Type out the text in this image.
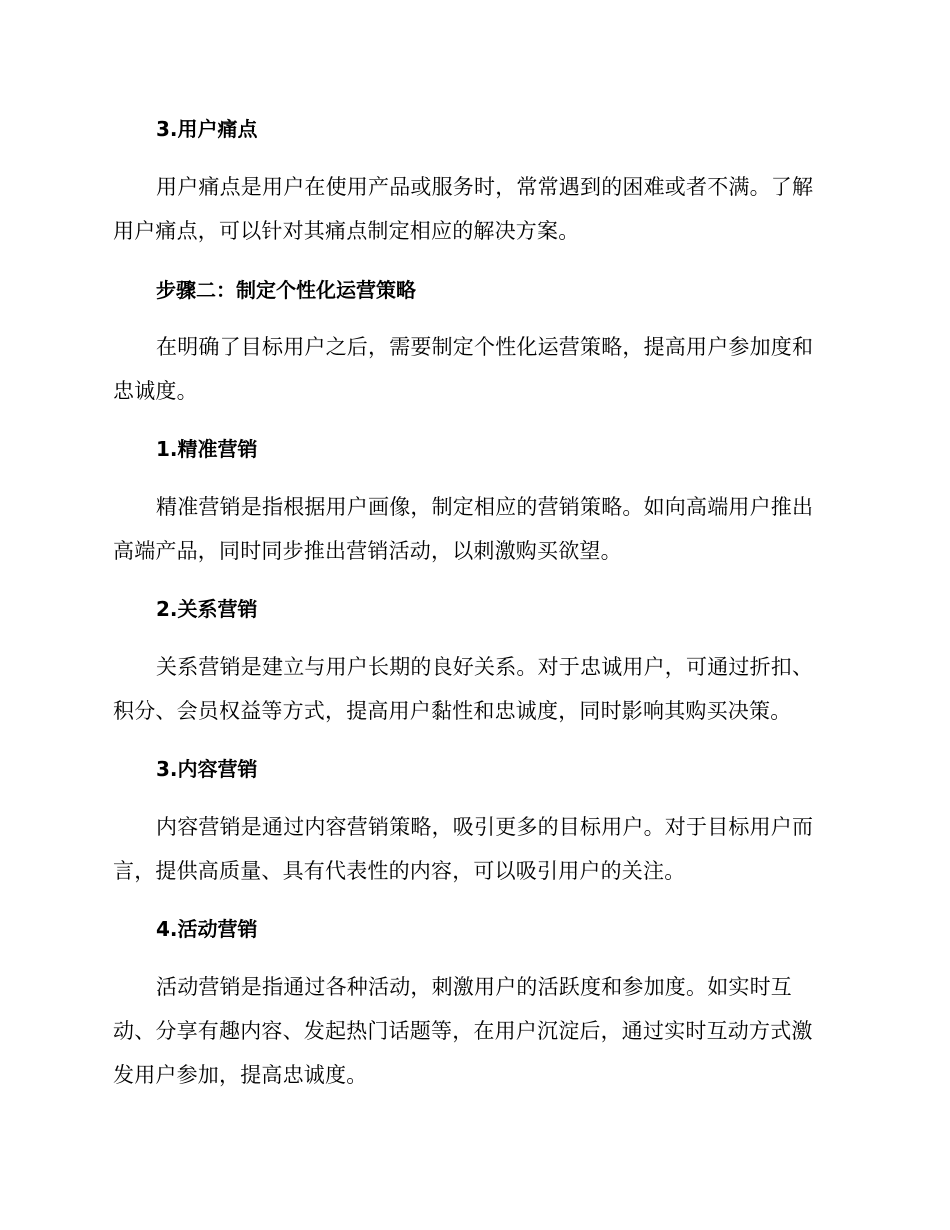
3.用户痛点

用户痛点是用户在使用产品或服务时，常常遇到的困难或者不满。了解用户痛点，可以针对其痛点制定相应的解决方案。

步骤二：制定个性化运营策略

在明确了目标用户之后，需要制定个性化运营策略，提高用户参加度和忠诚度。

1.精准营销

精准营销是指根据用户画像，制定相应的营销策略。如向高端用户推出高端产品，同时同步推出营销活动，以刺激购买欲望。

2.关系营销

关系营销是建立与用户长期的良好关系。对于忠诚用户，可通过折扣、积分、会员权益等方式，提高用户黏性和忠诚度，同时影响其购买决策。

3.内容营销

内容营销是通过内容营销策略，吸引更多的目标用户。对于目标用户而言，提供高质量、具有代表性的内容，可以吸引用户的关注。

4.活动营销

活动营销是指通过各种活动，刺激用户的活跃度和参加度。如实时互动、分享有趣内容、发起热门话题等，在用户沉淀后，通过实时互动方式激发用户参加，提高忠诚度。
